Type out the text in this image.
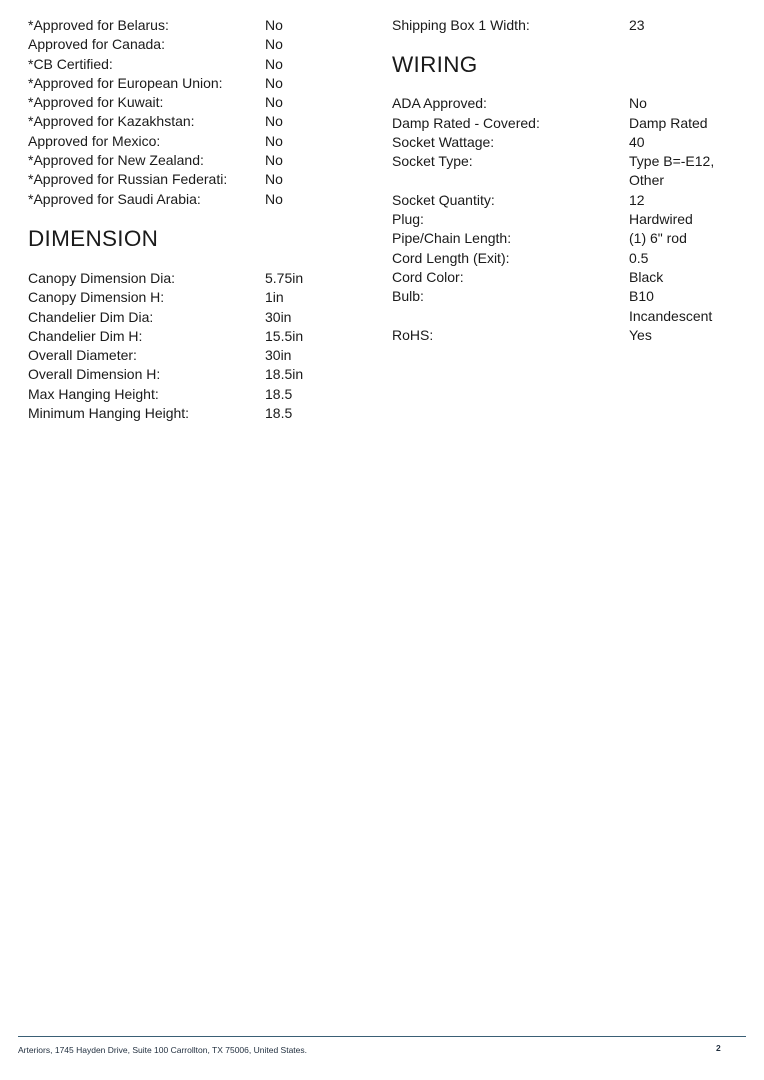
*Approved for Belarus:	No
Approved for Canada:	No
*CB Certified:	No
*Approved for European Union:	No
*Approved for Kuwait:	No
*Approved for Kazakhstan:	No
Approved for Mexico:	No
*Approved for New Zealand:	No
*Approved for Russian Federati:	No
*Approved for Saudi Arabia:	No
DIMENSION
Canopy Dimension Dia:	5.75in
Canopy Dimension H:	1in
Chandelier Dim Dia:	30in
Chandelier Dim H:	15.5in
Overall Diameter:	30in
Overall Dimension H:	18.5in
Max Hanging Height:	18.5
Minimum Hanging Height:	18.5
Shipping Box 1 Width:	23
WIRING
ADA Approved:	No
Damp Rated - Covered:	Damp Rated
Socket Wattage:	40
Socket Type:	Type B=-E12,
Other
Socket Quantity:	12
Plug:	Hardwired
Pipe/Chain Length:	(1) 6" rod
Cord Length (Exit):	0.5
Cord Color:	Black
Bulb:	B10
Incandescent
RoHS:	Yes
Arteriors, 1745 Hayden Drive, Suite 100 Carrollton, TX 75006, United States.	2
